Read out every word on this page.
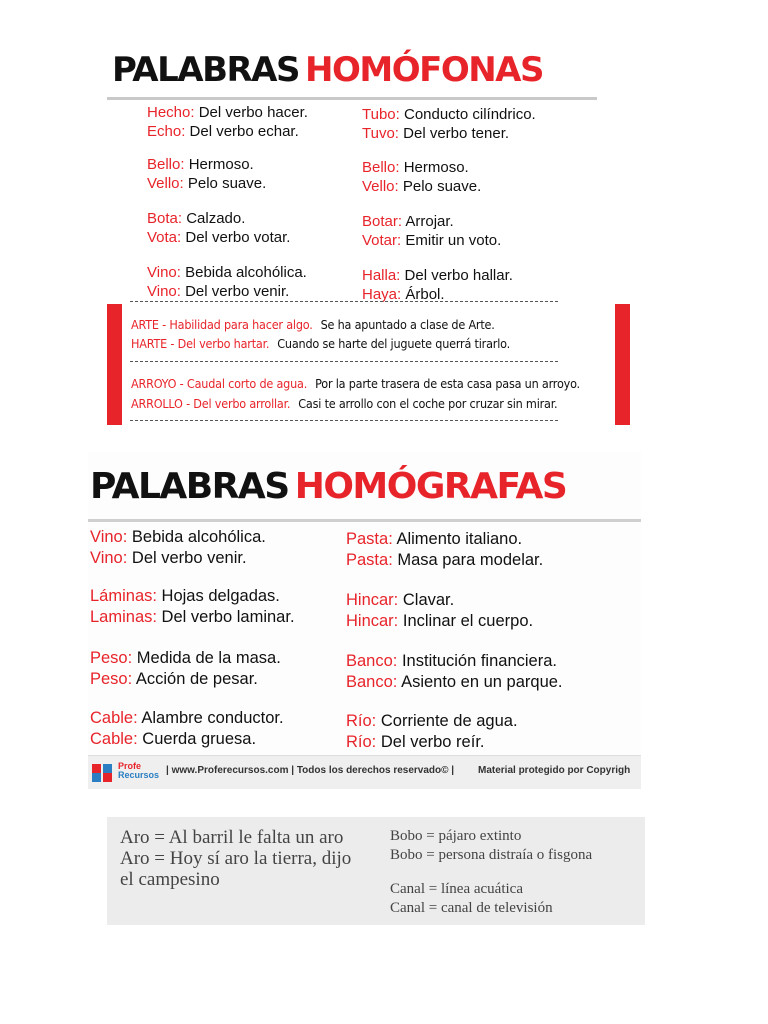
PALABRAS HOMÓFONAS
Hecho: Del verbo hacer.
Echo: Del verbo echar.
Bello: Hermoso.
Vello: Pelo suave.
Bota: Calzado.
Vota: Del verbo votar.
Vino: Bebida alcohólica.
Vino: Del verbo venir.
Tubo: Conducto cilíndrico.
Tuvo: Del verbo tener.
Bello: Hermoso.
Vello: Pelo suave.
Botar: Arrojar.
Votar: Emitir un voto.
Halla: Del verbo hallar.
Haya: Árbol.
ARTE - Habilidad para hacer algo. Se ha apuntado a clase de Arte.
HARTE - Del verbo hartar. Cuando se harte del juguete querrá tirarlo.
ARROYO - Caudal corto de agua. Por la parte trasera de esta casa pasa un arroyo.
ARROLLO - Del verbo arrollar. Casi te arrollo con el coche por cruzar sin mirar.
PALABRAS HOMÓGRAFAS
Vino: Bebida alcohólica.
Vino: Del verbo venir.
Láminas: Hojas delgadas.
Laminas: Del verbo laminar.
Peso: Medida de la masa.
Peso: Acción de pesar.
Cable: Alambre conductor.
Cable: Cuerda gruesa.
Pasta: Alimento italiano.
Pasta: Masa para modelar.
Hincar: Clavar.
Hincar: Inclinar el cuerpo.
Banco: Institución financiera.
Banco: Asiento en un parque.
Río: Corriente de agua.
Río: Del verbo reír.
Profe
Recursos | www.Proferecursos.com | Todos los derechos reservado© | Material protegido por Copyrigh
Aro = Al barril le falta un aro
Aro = Hoy sí aro la tierra, dijo
el campesino
Bobo = pájaro extinto
Bobo = persona distraía o fisgona
Canal = línea acuática
Canal = canal de televisión
